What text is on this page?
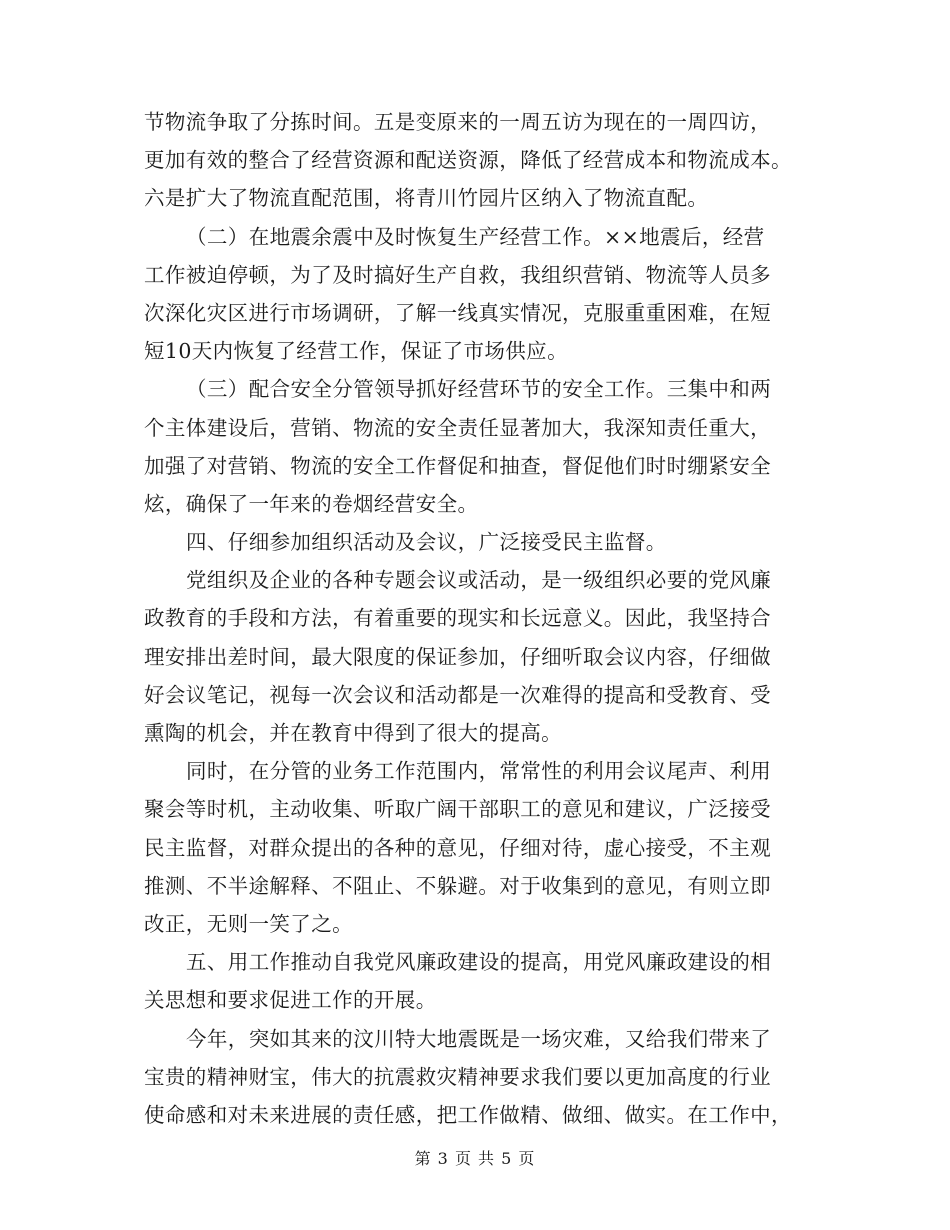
节物流争取了分拣时间。五是变原来的一周五访为现在的一周四访，
更加有效的整合了经营资源和配送资源，降低了经营成本和物流成本。
六是扩大了物流直配范围，将青川竹园片区纳入了物流直配。
（二）在地震余震中及时恢复生产经营工作。××地震后，经营
工作被迫停顿，为了及时搞好生产自救，我组织营销、物流等人员多
次深化灾区进行市场调研，了解一线真实情况，克服重重困难，在短
短10天内恢复了经营工作，保证了市场供应。
（三）配合安全分管领导抓好经营环节的安全工作。三集中和两
个主体建设后，营销、物流的安全责任显著加大，我深知责任重大，
加强了对营销、物流的安全工作督促和抽查，督促他们时时绷紧安全
炫，确保了一年来的卷烟经营安全。
四、仔细参加组织活动及会议，广泛接受民主监督。
党组织及企业的各种专题会议或活动，是一级组织必要的党风廉
政教育的手段和方法，有着重要的现实和长远意义。因此，我坚持合
理安排出差时间，最大限度的保证参加，仔细听取会议内容，仔细做
好会议笔记，视每一次会议和活动都是一次难得的提高和受教育、受
熏陶的机会，并在教育中得到了很大的提高。
同时，在分管的业务工作范围内，常常性的利用会议尾声、利用
聚会等时机，主动收集、听取广阔干部职工的意见和建议，广泛接受
民主监督，对群众提出的各种的意见，仔细对待，虚心接受，不主观
推测、不半途解释、不阻止、不躲避。对于收集到的意见，有则立即
改正，无则一笑了之。
五、用工作推动自我党风廉政建设的提高，用党风廉政建设的相
关思想和要求促进工作的开展。
今年，突如其来的汶川特大地震既是一场灾难，又给我们带来了
宝贵的精神财宝，伟大的抗震救灾精神要求我们要以更加高度的行业
使命感和对未来进展的责任感，把工作做精、做细、做实。在工作中，
第 3 页 共 5 页
